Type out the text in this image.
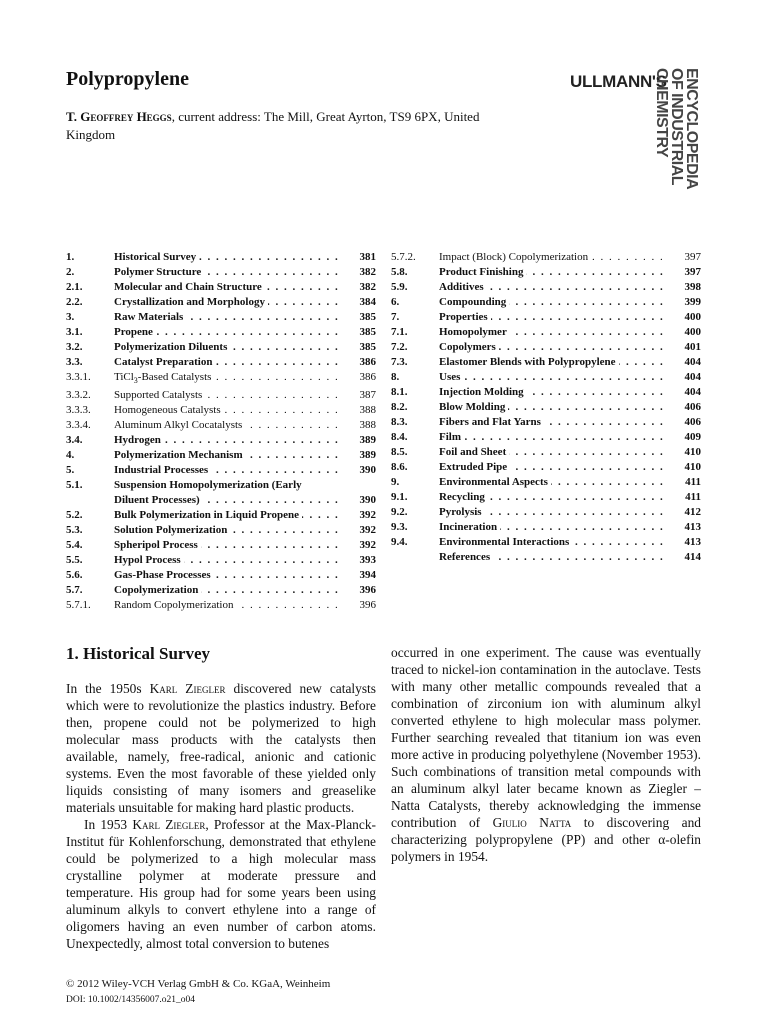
Polypropylene
T. Geoffrey Heggs, current address: The Mill, Great Ayrton, TS9 6PX, United Kingdom
ULLMANN'S ENCYCLOPEDIA
OF INDUSTRIAL
CHEMISTRY
1.	Historical Survey . . .	381
2.	Polymer Structure . . .	382
2.1.	Molecular and Chain Structure . . .	382
2.2.	Crystallization and Morphology . . .	384
3.	Raw Materials . . .	385
3.1.	Propene . . .	385
3.2.	Polymerization Diluents . . .	385
3.3.	Catalyst Preparation . . .	386
3.3.1.	TiCl$_3$-Based Catalysts . . .	386
3.3.2.	Supported Catalysts . . .	387
3.3.3.	Homogeneous Catalysts . . .	388
3.3.4.	Aluminum Alkyl Cocatalysts . . .	388
3.4.	Hydrogen . . .	389
4.	Polymerization Mechanism . . .	389
5.	Industrial Processes . . .	390
5.1.	Suspension Homopolymerization (Early
Diluent Processes) . . .	390
5.2.	Bulk Polymerization in Liquid Propene . . .	392
5.3.	Solution Polymerization . . .	392
5.4.	Spheripol Process . . .	392
5.5.	Hypol Process . . .	393
5.6.	Gas-Phase Processes . . .	394
5.7.	Copolymerization . . .	396
5.7.1.	Random Copolymerization . . .	396
5.7.2.	Impact (Block) Copolymerization . . .	397
5.8.	Product Finishing . . .	397
5.9.	Additives . . .	398
6.	Compounding . . .	399
7.	Properties . . .	400
7.1.	Homopolymer . . .	400
7.2.	Copolymers . . .	401
7.3.	Elastomer Blends with Polypropylene . . .	404
8.	Uses . . .	404
8.1.	Injection Molding . . .	404
8.2.	Blow Molding . . .	406
8.3.	Fibers and Flat Yarns . . .	406
8.4.	Film . . .	409
8.5.	Foil and Sheet . . .	410
8.6.	Extruded Pipe . . .	410
9.	Environmental Aspects . . .	411
9.1.	Recycling . . .	411
9.2.	Pyrolysis . . .	412
9.3.	Incineration . . .	413
9.4.	Environmental Interactions . . .	413
References . . .	414
1. Historical Survey

In the 1950s Karl Ziegler discovered new catalysts which were to revolutionize the plastics industry. Before then, propene could not be polymerized to high molecular mass products with the catalysts then available, namely, free-radical, anionic and cationic systems. Even the most favorable of these yielded only liquids consisting of many isomers and greaselike materials unsuitable for making hard plastic products.

In 1953 Karl Ziegler, Professor at the Max-Planck-Institut für Kohlenforschung, demonstrated that ethylene could be polymerized to a high molecular mass crystalline polymer at moderate pressure and temperature. His group had for some years been using aluminum alkyls to convert ethylene into a range of oligomers having an even number of carbon atoms. Unexpectedly, almost total conversion to butenes

occurred in one experiment. The cause was eventually traced to nickel-ion contamination in the autoclave. Tests with many other metallic compounds revealed that a combination of zirconium ion with aluminum alkyl converted ethylene to high molecular mass polymer. Further searching revealed that titanium ion was even more active in producing polyethylene (November 1953). Such combinations of transition metal compounds with an aluminum alkyl later became known as Ziegler – Natta Catalysts, thereby acknowledging the immense contribution of Giulio Natta to discovering and characterizing polypropylene (PP) and other α-olefin polymers in 1954.

© 2012 Wiley-VCH Verlag GmbH & Co. KGaA, Weinheim
DOI: 10.1002/14356007.o21_o04
